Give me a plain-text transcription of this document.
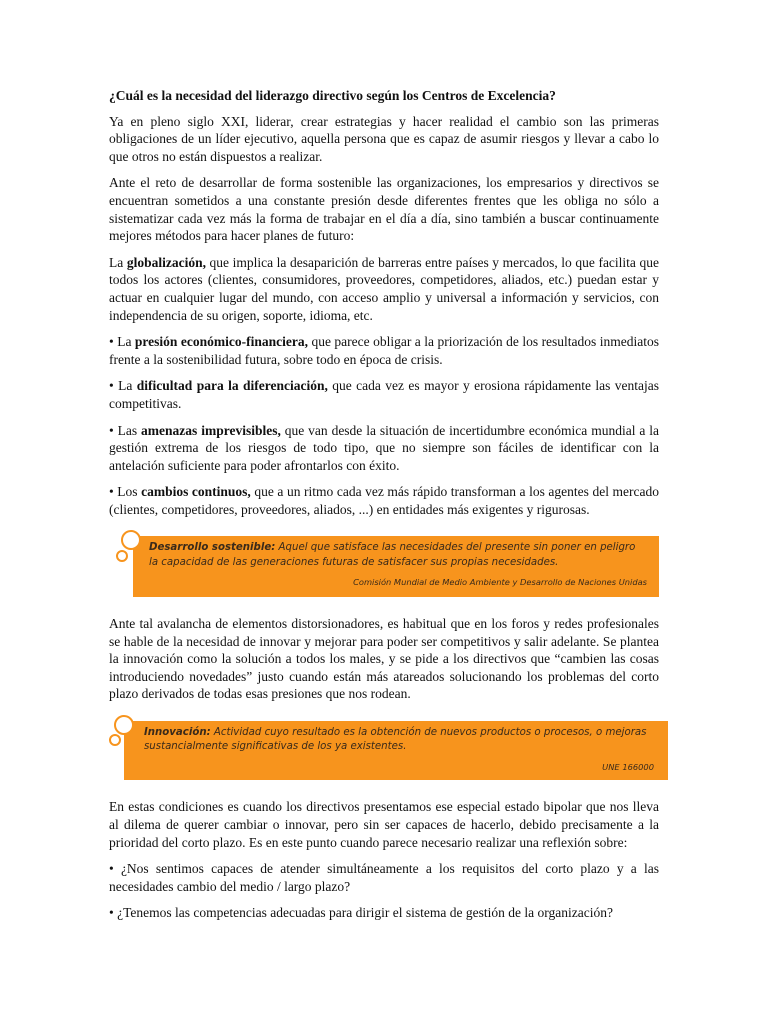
¿Cuál es la necesidad del liderazgo directivo según los Centros de Excelencia?

Ya en pleno siglo XXI, liderar, crear estrategias y hacer realidad el cambio son las primeras obligaciones de un líder ejecutivo, aquella persona que es capaz de asumir riesgos y llevar a cabo lo que otros no están dispuestos a realizar.

Ante el reto de desarrollar de forma sostenible las organizaciones, los empresarios y directivos se encuentran sometidos a una constante presión desde diferentes frentes que les obliga no sólo a sistematizar cada vez más la forma de trabajar en el día a día, sino también a buscar continuamente mejores métodos para hacer planes de futuro:

La globalización, que implica la desaparición de barreras entre países y mercados, lo que facilita que todos los actores (clientes, consumidores, proveedores, competidores, aliados, etc.) puedan estar y actuar en cualquier lugar del mundo, con acceso amplio y universal a información y servicios, con independencia de su origen, soporte, idioma, etc.

• La presión económico-financiera, que parece obligar a la priorización de los resultados inmediatos frente a la sostenibilidad futura, sobre todo en época de crisis.

• La dificultad para la diferenciación, que cada vez es mayor y erosiona rápidamente las ventajas competitivas.

• Las amenazas imprevisibles, que van desde la situación de incertidumbre económica mundial a la gestión extrema de los riesgos de todo tipo, que no siempre son fáciles de identificar con la antelación suficiente para poder afrontarlos con éxito.

• Los cambios continuos, que a un ritmo cada vez más rápido transforman a los agentes del mercado (clientes, competidores, proveedores, aliados, ...) en entidades más exigentes y rigurosas.

Desarrollo sostenible: Aquel que satisface las necesidades del presente sin poner en peligro la capacidad de las generaciones futuras de satisfacer sus propias necesidades.
Comisión Mundial de Medio Ambiente y Desarrollo de Naciones Unidas

Ante tal avalancha de elementos distorsionadores, es habitual que en los foros y redes profesionales se hable de la necesidad de innovar y mejorar para poder ser competitivos y salir adelante. Se plantea la innovación como la solución a todos los males, y se pide a los directivos que “cambien las cosas introduciendo novedades” justo cuando están más atareados solucionando los problemas del corto plazo derivados de todas esas presiones que nos rodean.

Innovación: Actividad cuyo resultado es la obtención de nuevos productos o procesos, o mejoras sustancialmente significativas de los ya existentes.
UNE 166000

En estas condiciones es cuando los directivos presentamos ese especial estado bipolar que nos lleva al dilema de querer cambiar o innovar, pero sin ser capaces de hacerlo, debido precisamente a la prioridad del corto plazo. Es en este punto cuando parece necesario realizar una reflexión sobre:

• ¿Nos sentimos capaces de atender simultáneamente a los requisitos del corto plazo y a las necesidades cambio del medio / largo plazo?

• ¿Tenemos las competencias adecuadas para dirigir el sistema de gestión de la organización?
